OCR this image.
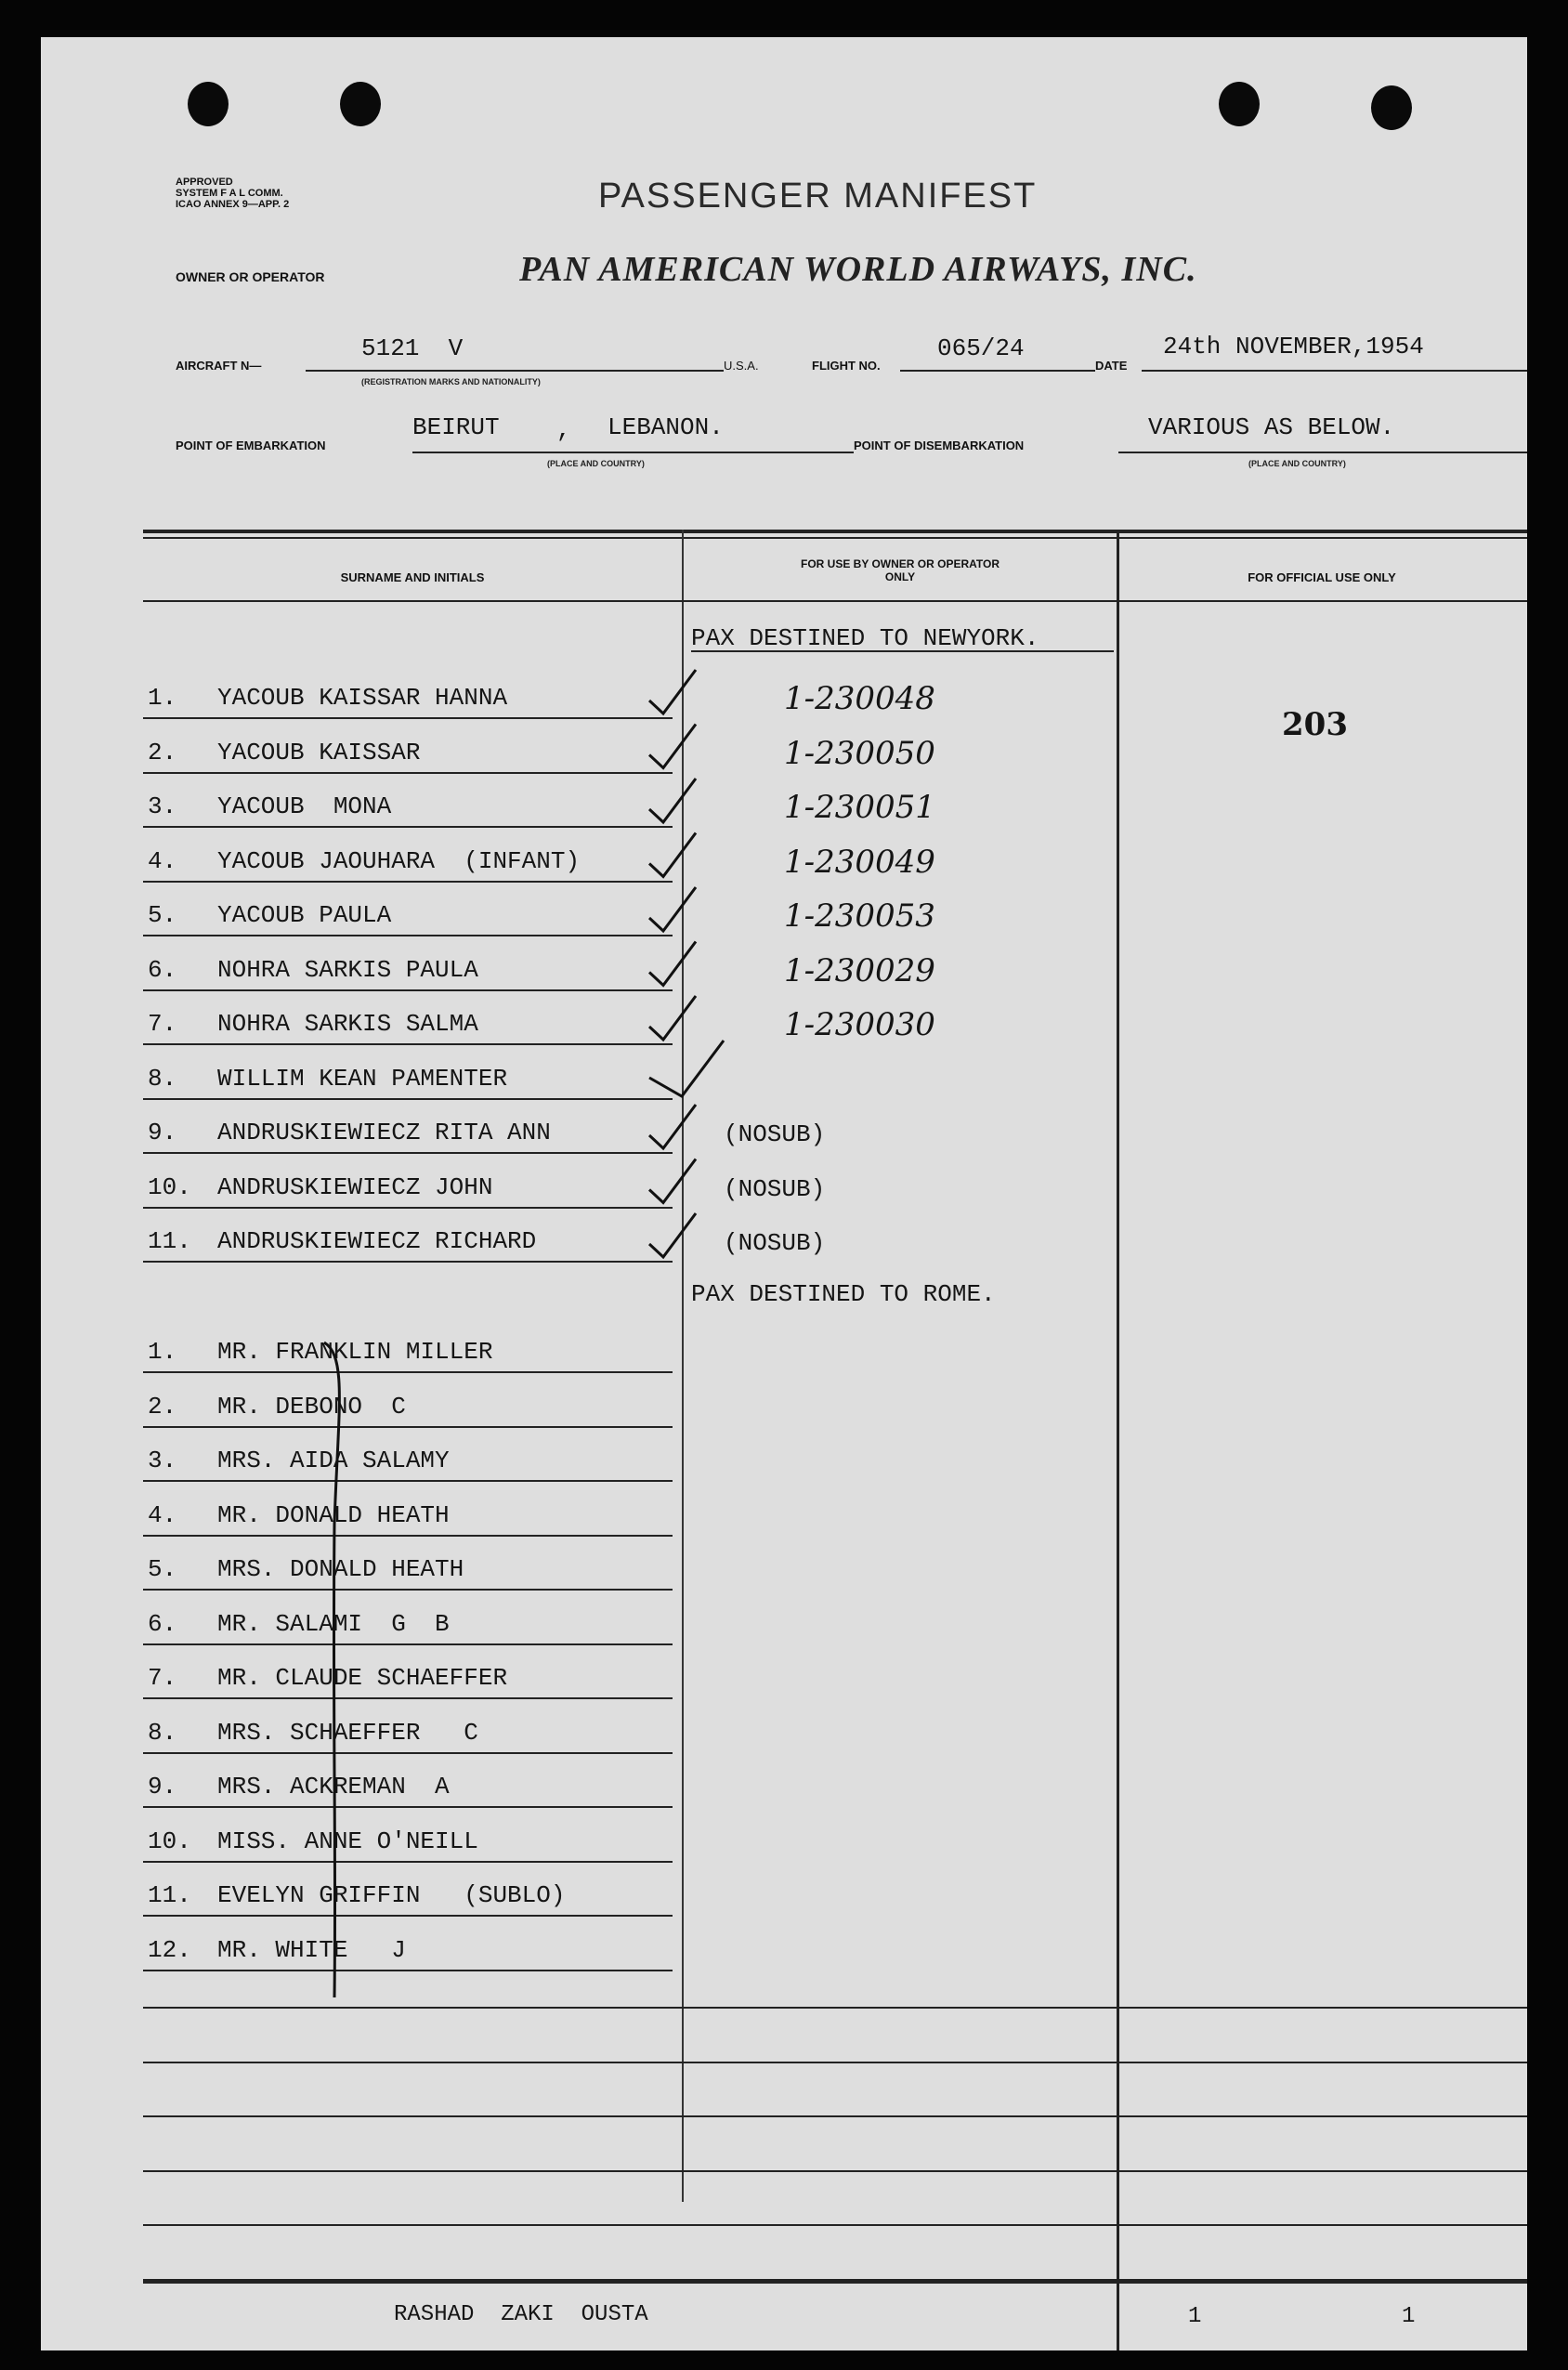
APPROVED
SYSTEM F A L COMM.
ICAO ANNEX 9—APP. 2	PASSENGER MANIFEST
OWNER OR OPERATOR	PAN AMERICAN WORLD AIRWAYS, INC.
AIRCRAFT N—
5121  V
(REGISTRATION MARKS AND NATIONALITY)
U.S.A.	FLIGHT NO.
065/24
DATE
24th NOVEMBER,1954
POINT OF EMBARKATION
BEIRUT , LEBANON.
(PLACE AND COUNTRY)
POINT OF DISEMBARKATION
VARIOUS AS BELOW.
(PLACE AND COUNTRY)
SURNAME AND INITIALS
FOR USE BY OWNER OR OPERATOR ONLY	FOR OFFICIAL USE ONLY
PAX DESTINED TO NEWYORK.
203
1. YACOUB KAISSAR HANNA	1-230048
2. YACOUB KAISSAR	1-230050
3. YACOUB  MONA	1-230051
4. YACOUB JAOUHARA  (INFANT)	1-230049
5. YACOUB PAULA	1-230053
6. NOHRA SARKIS PAULA	1-230029
7. NOHRA SARKIS SALMA	1-230030
8. WILLIM KEAN PAMENTER
9. ANDRUSKIEWIECZ RITA ANN	(NOSUB)
10. ANDRUSKIEWIECZ JOHN	(NOSUB)
11. ANDRUSKIEWIECZ RICHARD	(NOSUB)
PAX DESTINED TO ROME.
1. MR. FRANKLIN MILLER
2. MR. DEBONO  C
3. MRS. AIDA SALAMY
4. MR. DONALD HEATH
5. MRS. DONALD HEATH
6. MR. SALAMI  G  B
7. MR. CLAUDE SCHAEFFER
8. MRS. SCHAEFFER   C
9. MRS. ACKREMAN  A
10. MISS. ANNE O'NEILL
11. EVELYN GRIFFIN   (SUBLO)
12. MR. WHITE   J
RASHAD  ZAKI  OUSTA	1	1
